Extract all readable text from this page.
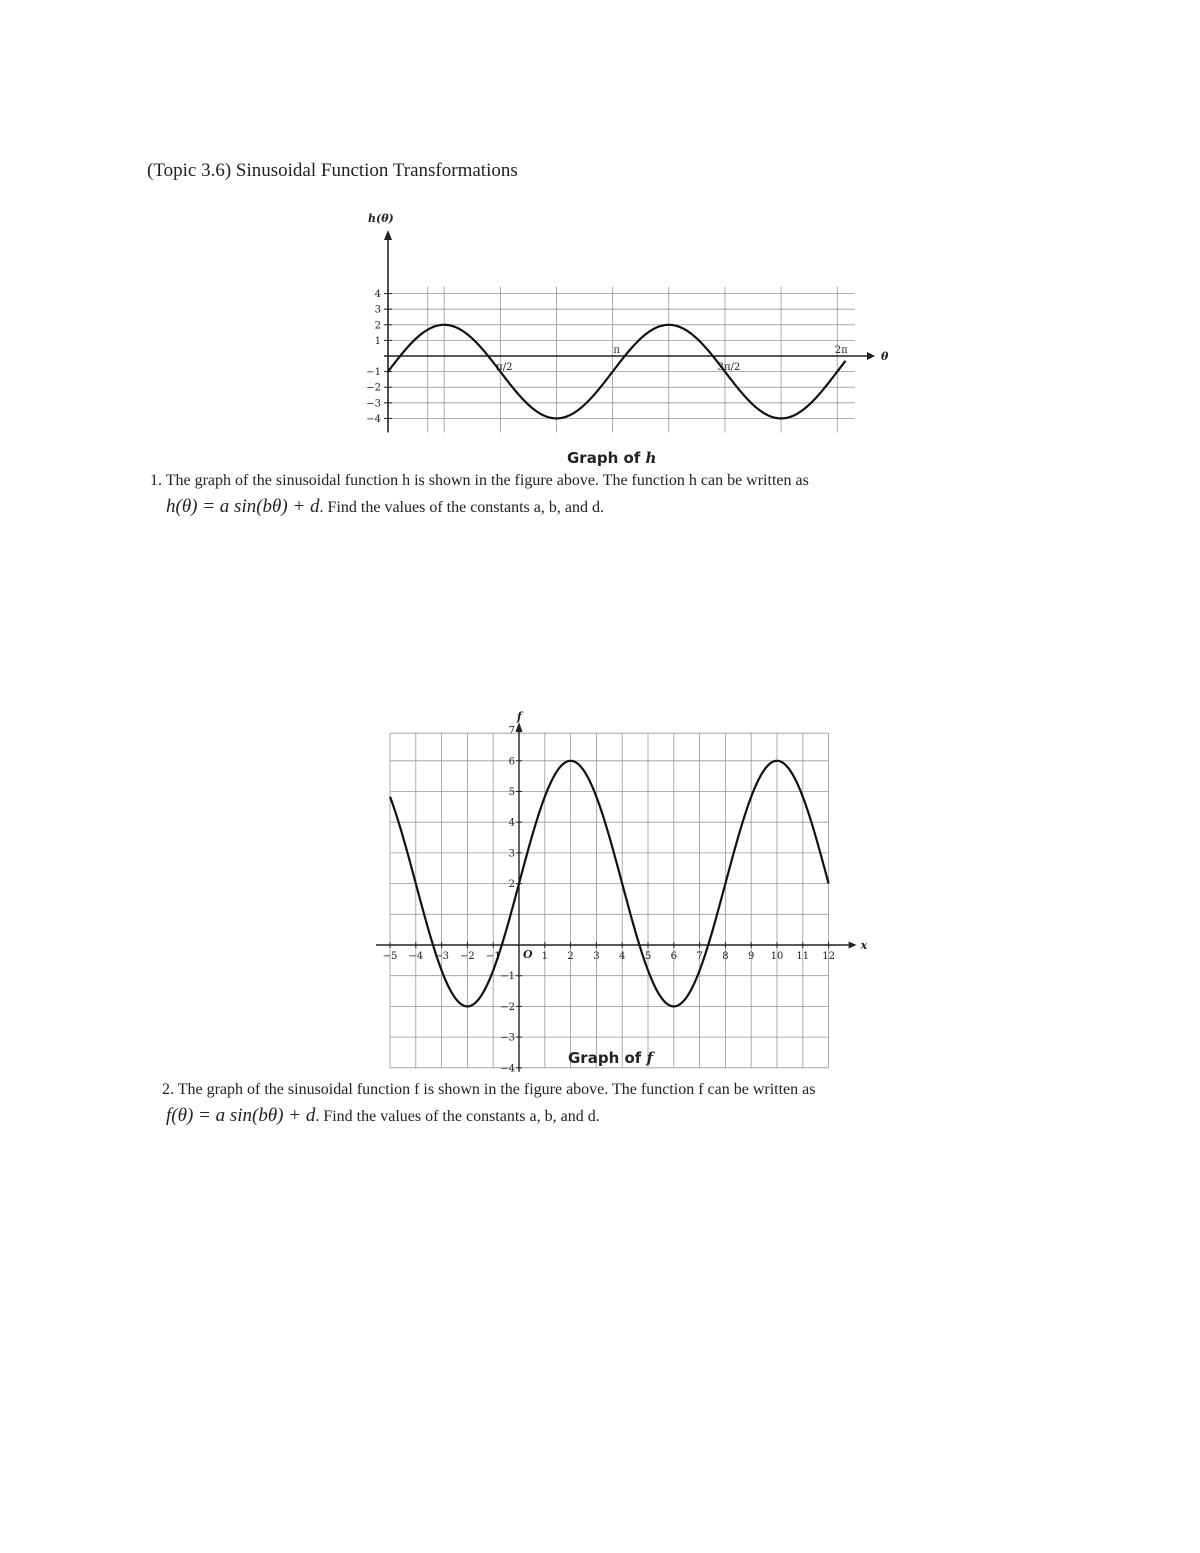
(Topic 3.6) Sinusoidal Function Transformations
−4
−3
−2
−1
1
2
3
4
π/2
π
3π/2
2π
h(θ)
θ
Graph of h
1. The graph of the sinusoidal function h is shown in the figure above. The function h can be written as
h(θ) = a sin(bθ) + d. Find the values of the constants a, b, and d.
−5 −4 −3 −2 −1	1 2 3 4 5 6 7 8 9 10 11 12
−4
−3
−2
−1
2
3
4
5
6
7
O
f
x
Graph of f
2. The graph of the sinusoidal function f is shown in the figure above. The function f can be written as
f(θ) = a sin(bθ) + d. Find the values of the constants a, b, and d.
